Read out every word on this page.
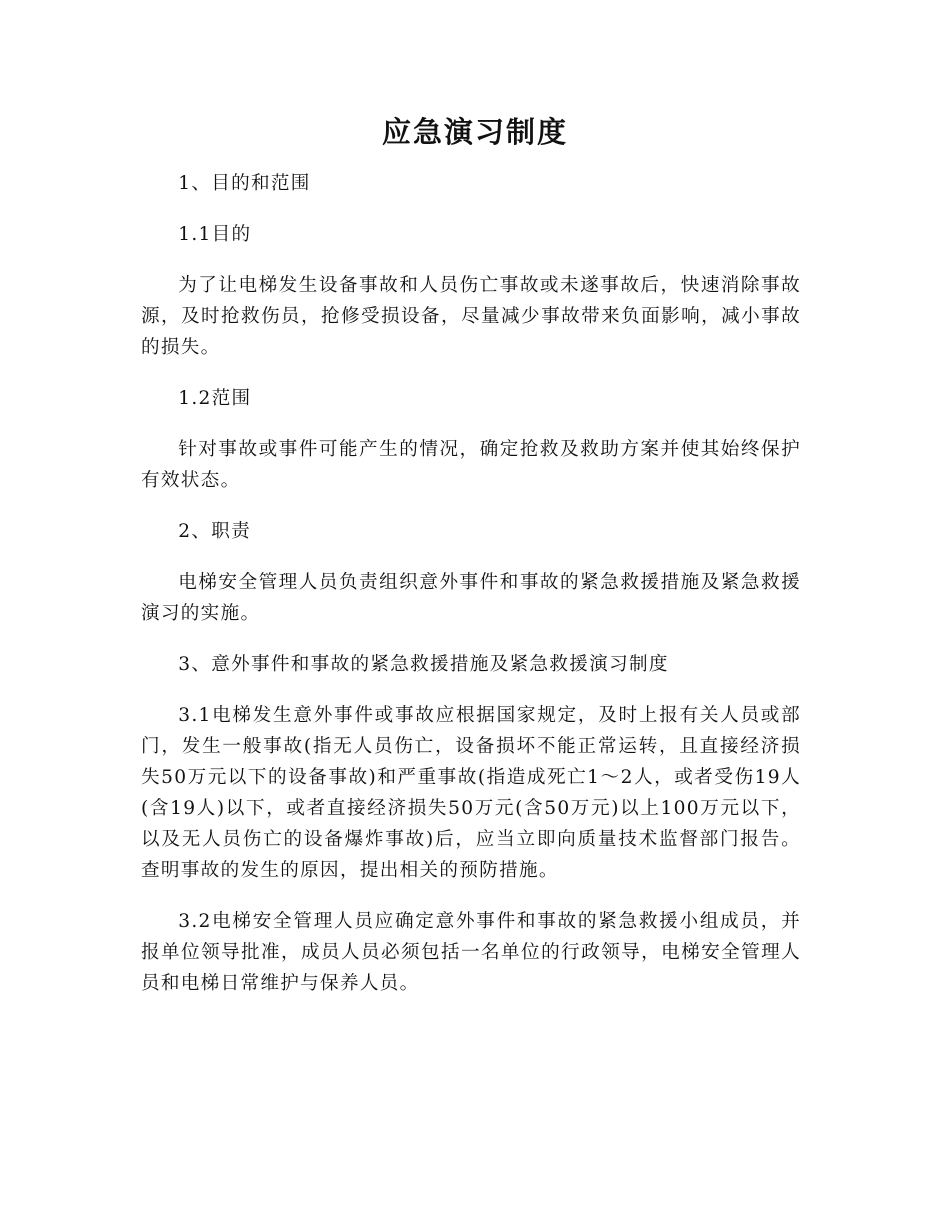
应急演习制度

1、目的和范围

1.1目的

为了让电梯发生设备事故和人员伤亡事故或未遂事故后，快速消除事故源，及时抢救伤员，抢修受损设备，尽量减少事故带来负面影响，减小事故的损失。

1.2范围

针对事故或事件可能产生的情况，确定抢救及救助方案并使其始终保护有效状态。

2、职责

电梯安全管理人员负责组织意外事件和事故的紧急救援措施及紧急救援演习的实施。

3、意外事件和事故的紧急救援措施及紧急救援演习制度

3.1电梯发生意外事件或事故应根据国家规定，及时上报有关人员或部门，发生一般事故(指无人员伤亡，设备损坏不能正常运转，且直接经济损失50万元以下的设备事故)和严重事故(指造成死亡1～2人，或者受伤19人(含19人)以下，或者直接经济损失50万元(含50万元)以上100万元以下，以及无人员伤亡的设备爆炸事故)后，应当立即向质量技术监督部门报告。查明事故的发生的原因，提出相关的预防措施。

3.2电梯安全管理人员应确定意外事件和事故的紧急救援小组成员，并报单位领导批准，成员人员必须包括一名单位的行政领导，电梯安全管理人员和电梯日常维护与保养人员。
